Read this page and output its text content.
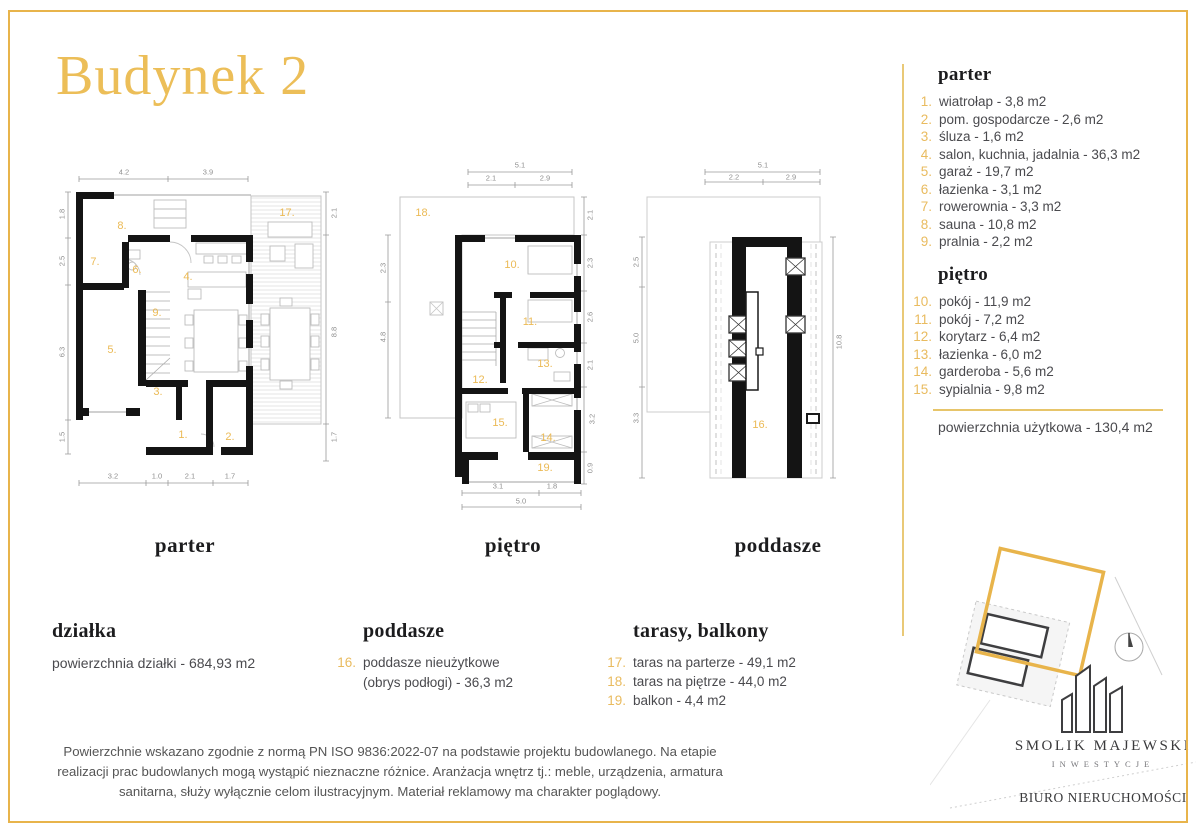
Budynek 2
8.
7.
6.
4.
9.
5.
3.
1.	2.
17.
4.2	3.9
1.8
2.5
6.3
1.5
2.1
8.8
1.7
3.2	1.0	2.1	1.7
18.
10.
11.
12.
13.
15.
14.
19.
5.1
2.1	2.9
2.3
4.8
2.1
2.3
2.6
2.1
3.2
0.9
3.1	1.8
5.0
16.
5.1
2.2	2.9
2.5
5.0
3.3
10.8
parter	piętro	poddasze
parter
1. wiatrołap - 3,8 m2
2. pom. gospodarcze - 2,6 m2
3. śluza - 1,6 m2
4. salon, kuchnia, jadalnia - 36,3 m2
5. garaż - 19,7 m2
6. łazienka - 3,1 m2
7. rowerownia - 3,3 m2
8. sauna - 10,8 m2
9. pralnia - 2,2 m2
piętro
10. pokój - 11,9 m2
11. pokój - 7,2 m2
12. korytarz - 6,4 m2
13. łazienka - 6,0 m2
14. garderoba - 5,6 m2
15. sypialnia - 9,8 m2
powierzchnia użytkowa - 130,4 m2
działka
powierzchnia działki - 684,93 m2
poddasze
16. poddasze nieużytkowe
(obrys podłogi) - 36,3 m2
tarasy, balkony
17. taras na parterze - 49,1 m2
18. taras na piętrze - 44,0 m2
19. balkon - 4,4 m2
Powierzchnie wskazano zgodnie z normą PN ISO 9836:2022-07 na podstawie projektu budowlanego. Na etapie realizacji prac budowlanych mogą wystąpić nieznaczne różnice. Aranżacja wnętrz tj.: meble, urządzenia, armatura sanitarna, służy wyłącznie celom ilustracyjnym. Materiał reklamowy ma charakter poglądowy.
SMOLIK MAJEWSKI
INWESTYCJE
BIURO NIERUCHOMOŚCI
